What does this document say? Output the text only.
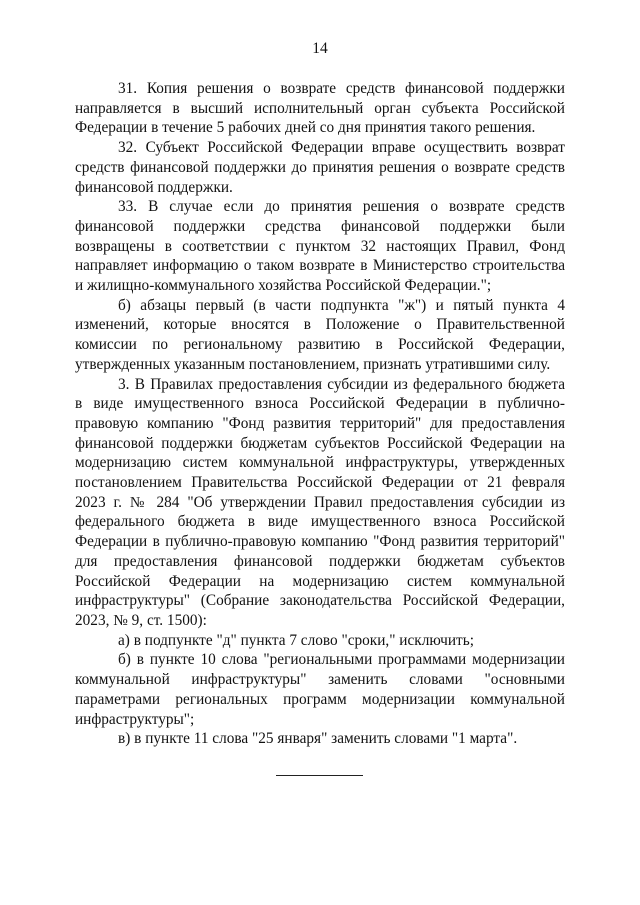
14

31. Копия решения о возврате средств финансовой поддержки направляется в высший исполнительный орган субъекта Российской Федерации в течение 5 рабочих дней со дня принятия такого решения.

32. Субъект Российской Федерации вправе осуществить возврат средств финансовой поддержки до принятия решения о возврате средств финансовой поддержки.

33. В случае если до принятия решения о возврате средств финансовой поддержки средства финансовой поддержки были возвращены в соответствии с пунктом 32 настоящих Правил, Фонд направляет информацию о таком возврате в Министерство строительства и жилищно-коммунального хозяйства Российской Федерации.";

б) абзацы первый (в части подпункта "ж") и пятый пункта 4 изменений, которые вносятся в Положение о Правительственной комиссии по региональному развитию в Российской Федерации, утвержденных указанным постановлением, признать утратившими силу.

3. В Правилах предоставления субсидии из федерального бюджета в виде имущественного взноса Российской Федерации в публично-правовую компанию "Фонд развития территорий" для предоставления финансовой поддержки бюджетам субъектов Российской Федерации на модернизацию систем коммунальной инфраструктуры, утвержденных постановлением Правительства Российской Федерации от 21 февраля 2023 г. № 284 "Об утверждении Правил предоставления субсидии из федерального бюджета в виде имущественного взноса Российской Федерации в публично-правовую компанию "Фонд развития территорий" для предоставления финансовой поддержки бюджетам субъектов Российской Федерации на модернизацию систем коммунальной инфраструктуры" (Собрание законодательства Российской Федерации, 2023, № 9, ст. 1500):

а) в подпункте "д" пункта 7 слово "сроки," исключить;

б) в пункте 10 слова "региональными программами модернизации коммунальной инфраструктуры" заменить словами "основными параметрами региональных программ модернизации коммунальной инфраструктуры";

в) в пункте 11 слова "25 января" заменить словами "1 марта".
